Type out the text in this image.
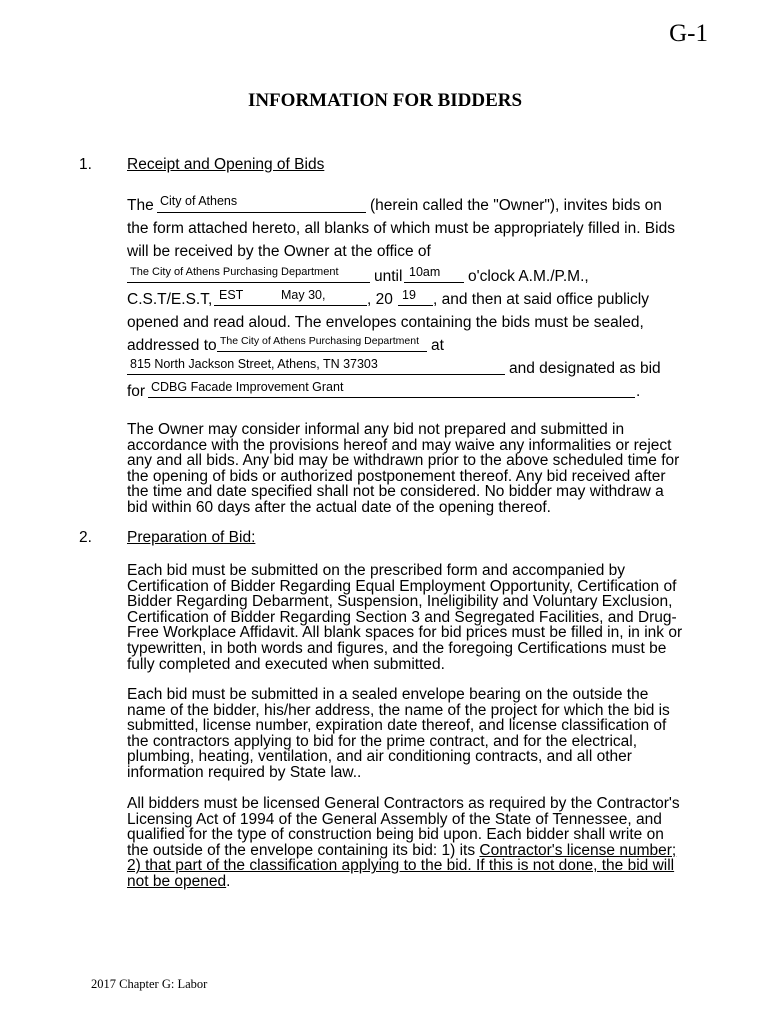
G-1
INFORMATION FOR BIDDERS
1. Receipt and Opening of Bids
The City of Athens	(herein called the "Owner"), invites bids on
the form attached hereto, all blanks of which must be appropriately filled in. Bids
will be received by the Owner at the office of
The City of Athens Purchasing Department until 10am o'clock A.M./P.M.,
C.S.T/E.S.T, EST	May 30,	, 20 19 , and then at said office publicly
opened and read aloud. The envelopes containing the bids must be sealed,
addressed to The City of Athens Purchasing Department at
815 North Jackson Street, Athens, TN 37303	and designated as bid
for CDBG Facade Improvement Grant	.
The Owner may consider informal any bid not prepared and submitted in accordance with the provisions hereof and may waive any informalities or reject any and all bids. Any bid may be withdrawn prior to the above scheduled time for the opening of bids or authorized postponement thereof. Any bid received after the time and date specified shall not be considered. No bidder may withdraw a bid within 60 days after the actual date of the opening thereof.
2. Preparation of Bid:
Each bid must be submitted on the prescribed form and accompanied by Certification of Bidder Regarding Equal Employment Opportunity, Certification of Bidder Regarding Debarment, Suspension, Ineligibility and Voluntary Exclusion, Certification of Bidder Regarding Section 3 and Segregated Facilities, and Drug-Free Workplace Affidavit. All blank spaces for bid prices must be filled in, in ink or typewritten, in both words and figures, and the foregoing Certifications must be fully completed and executed when submitted.
Each bid must be submitted in a sealed envelope bearing on the outside the name of the bidder, his/her address, the name of the project for which the bid is submitted, license number, expiration date thereof, and license classification of the contractors applying to bid for the prime contract, and for the electrical, plumbing, heating, ventilation, and air conditioning contracts, and all other information required by State law..
All bidders must be licensed General Contractors as required by the Contractor's Licensing Act of 1994 of the General Assembly of the State of Tennessee, and qualified for the type of construction being bid upon. Each bidder shall write on the outside of the envelope containing its bid: 1) its Contractor's license number; 2) that part of the classification applying to the bid. If this is not done, the bid will not be opened.
2017 Chapter G: Labor
